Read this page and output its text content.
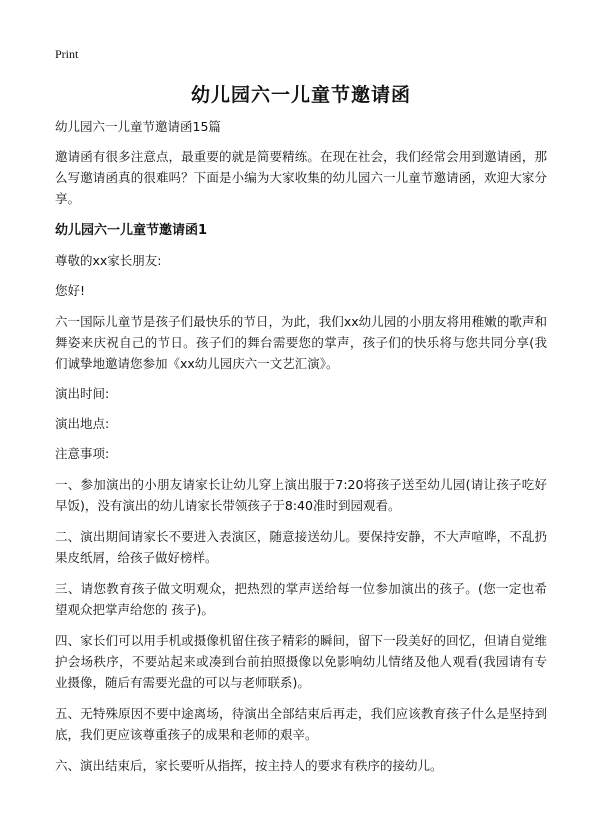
Print
幼儿园六一儿童节邀请函
幼儿园六一儿童节邀请函15篇
邀请函有很多注意点，最重要的就是简要精练。在现在社会，我们经常会用到邀请函，那么写邀请函真的很难吗？下面是小编为大家收集的幼儿园六一儿童节邀请函，欢迎大家分享。
幼儿园六一儿童节邀请函1
尊敬的xx家长朋友:
您好!
六一国际儿童节是孩子们最快乐的节日，为此，我们xx幼儿园的小朋友将用稚嫩的歌声和舞姿来庆祝自己的节日。孩子们的舞台需要您的掌声，孩子们的快乐将与您共同分享(我们诚挚地邀请您参加《xx幼儿园庆六一文艺汇演》。
演出时间:
演出地点:
注意事项:
一、参加演出的小朋友请家长让幼儿穿上演出服于7:20将孩子送至幼儿园(请让孩子吃好早饭)，没有演出的幼儿请家长带领孩子于8:40准时到园观看。
二、演出期间请家长不要进入表演区，随意接送幼儿。要保持安静，不大声喧哗，不乱扔果皮纸屑，给孩子做好榜样。
三、请您教育孩子做文明观众，把热烈的掌声送给每一位参加演出的孩子。(您一定也希望观众把掌声给您的 孩子)。
四、家长们可以用手机或摄像机留住孩子精彩的瞬间，留下一段美好的回忆，但请自觉维护会场秩序，不要站起来或凑到台前拍照摄像以免影响幼儿情绪及他人观看(我园请有专业摄像，随后有需要光盘的可以与老师联系)。
五、无特殊原因不要中途离场，待演出全部结束后再走，我们应该教育孩子什么是坚持到底，我们更应该尊重孩子的成果和老师的艰辛。
六、演出结束后，家长要听从指挥，按主持人的要求有秩序的接幼儿。
